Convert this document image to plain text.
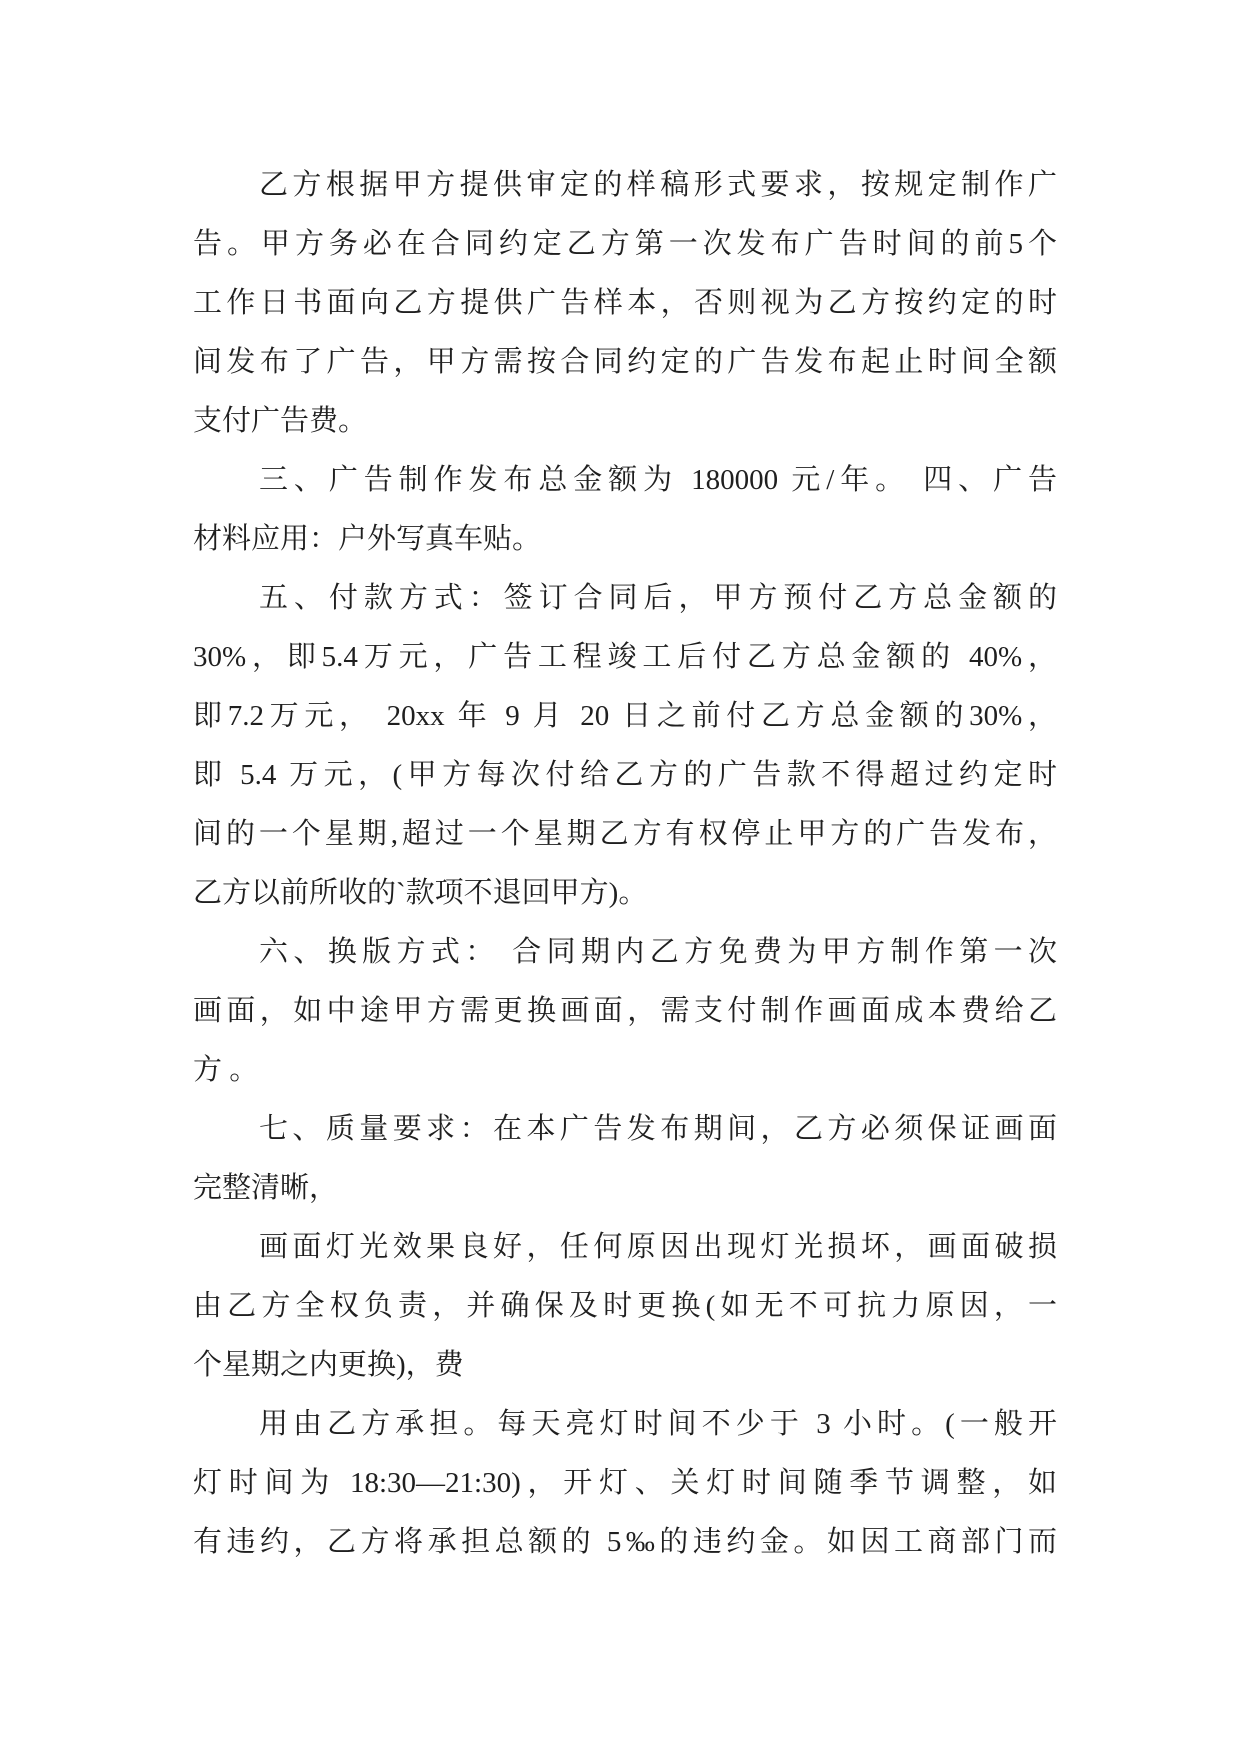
乙方根据甲方提供审定的样稿形式要求，按规定制作广
告。甲方务必在合同约定乙方第一次发布广告时间的前5个
工作日书面向乙方提供广告样本，否则视为乙方按约定的时
间发布了广告，甲方需按合同约定的广告发布起止时间全额
支付广告费。
三、广告制作发布总金额为 180000 元/年。 四、广告
材料应用：户外写真车贴。
五、付款方式：签订合同后，甲方预付乙方总金额的
30%，即5.4万元，广告工程竣工后付乙方总金额的 40%，
即7.2万元， 20xx 年 9 月 20 日之前付乙方总金额的30%，
即 5.4 万元，(甲方每次付给乙方的广告款不得超过约定时
间的一个星期,超过一个星期乙方有权停止甲方的广告发布，
乙方以前所收的`款项不退回甲方)。
六、换版方式： 合同期内乙方免费为甲方制作第一次
画面，如中途甲方需更换画面，需支付制作画面成本费给乙
方 。
七、质量要求：在本广告发布期间，乙方必须保证画面
完整清晰，
画面灯光效果良好，任何原因出现灯光损坏，画面破损
由乙方全权负责，并确保及时更换(如无不可抗力原因，一
个星期之内更换)，费
用由乙方承担。每天亮灯时间不少于 3 小时。(一般开
灯时间为 18:30—21:30)，开灯、关灯时间随季节调整，如
有违约，乙方将承担总额的 5‰的违约金。如因工商部门而
